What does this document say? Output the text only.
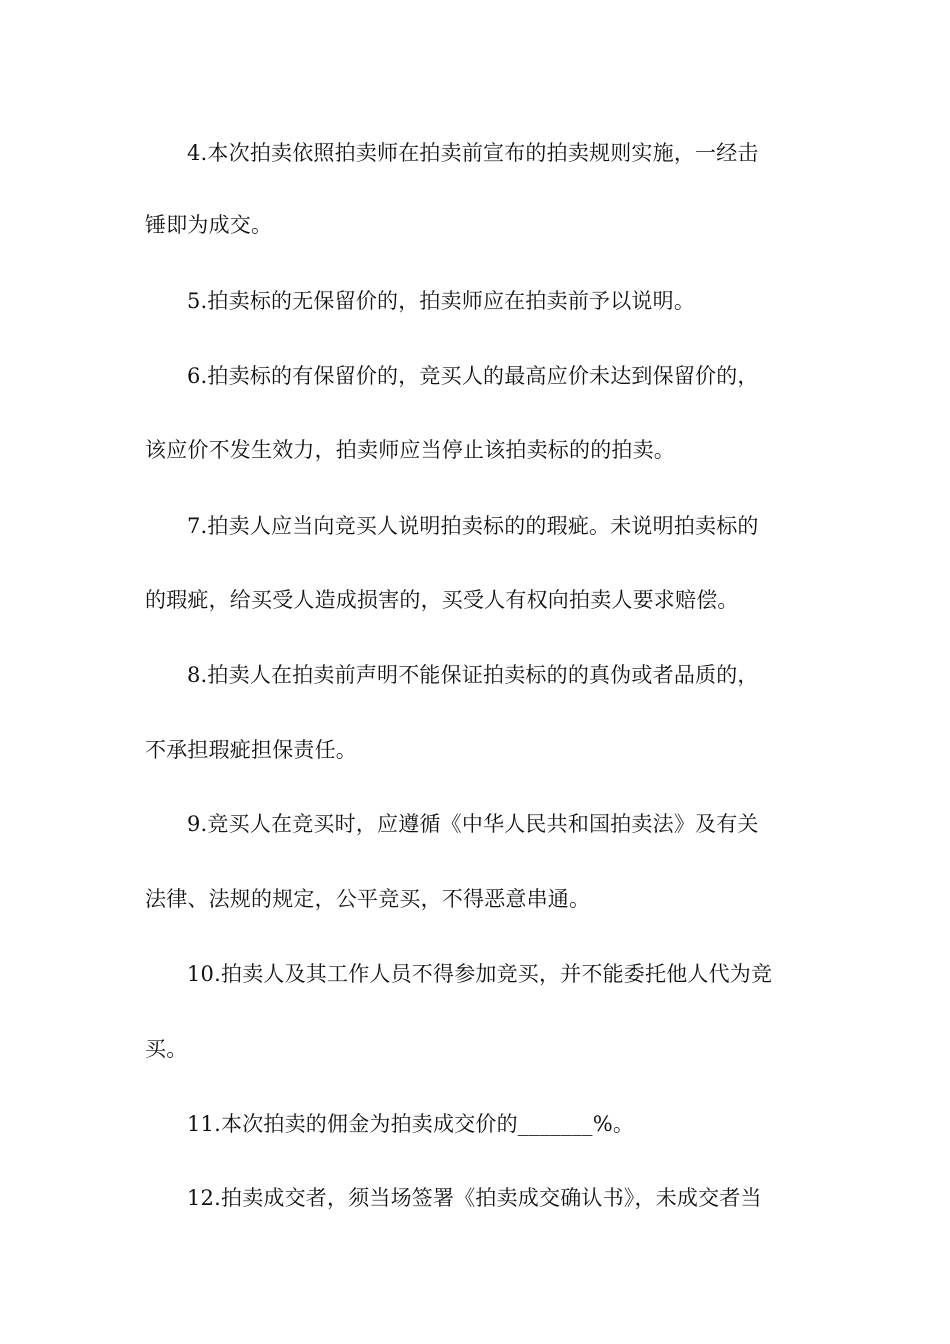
4.本次拍卖依照拍卖师在拍卖前宣布的拍卖规则实施，一经击
锤即为成交。
5.拍卖标的无保留价的，拍卖师应在拍卖前予以说明。
6.拍卖标的有保留价的，竞买人的最高应价未达到保留价的，
该应价不发生效力，拍卖师应当停止该拍卖标的的拍卖。
7.拍卖人应当向竞买人说明拍卖标的的瑕疵。未说明拍卖标的
的瑕疵，给买受人造成损害的，买受人有权向拍卖人要求赔偿。
8.拍卖人在拍卖前声明不能保证拍卖标的的真伪或者品质的，
不承担瑕疵担保责任。
9.竞买人在竞买时，应遵循《中华人民共和国拍卖法》及有关
法律、法规的规定，公平竞买，不得恶意串通。
10.拍卖人及其工作人员不得参加竞买，并不能委托他人代为竞
买。
11.本次拍卖的佣金为拍卖成交价的_______%。
12.拍卖成交者，须当场签署《拍卖成交确认书》，未成交者当
